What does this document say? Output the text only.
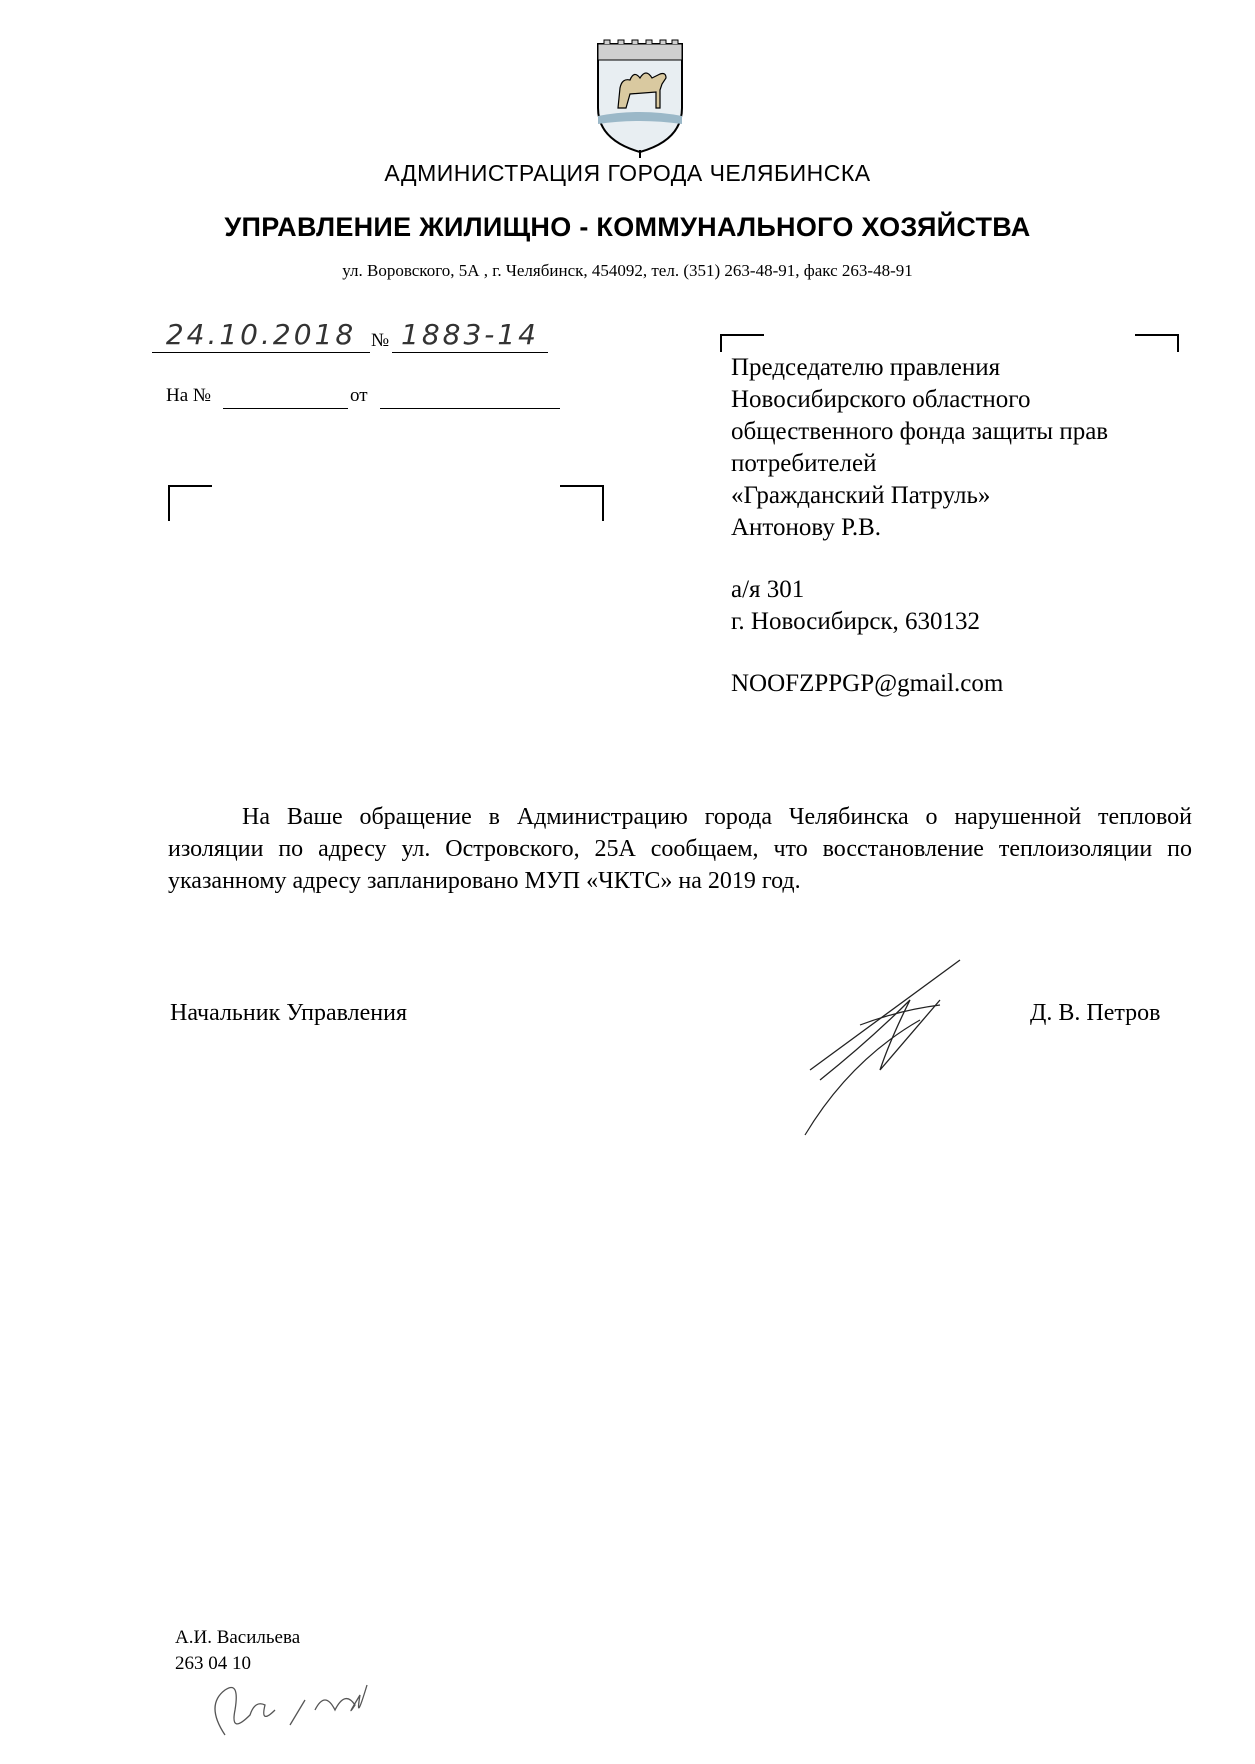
АДМИНИСТРАЦИЯ ГОРОДА ЧЕЛЯБИНСКА
УПРАВЛЕНИЕ ЖИЛИЩНО - КОММУНАЛЬНОГО ХОЗЯЙСТВА
ул. Воровского, 5А , г. Челябинск, 454092, тел. (351) 263-48-91, факс 263-48-91
24.10.2018 № 1883-14
На №	от
Председателю правления
Новосибирского областного
общественного фонда защиты прав
потребителей
«Гражданский Патруль»
Антонову Р.В.
а/я 301
г. Новосибирск, 630132
NOOFZPPGP@gmail.com

На Ваше обращение в Администрацию города Челябинска о нарушенной тепловой изоляции по адресу ул. Островского, 25А сообщаем, что восстановление теплоизоляции по указанному адресу запланировано МУП «ЧКТС» на 2019 год.

Начальник Управления	Д. В. Петров
А.И. Васильева
263 04 10
